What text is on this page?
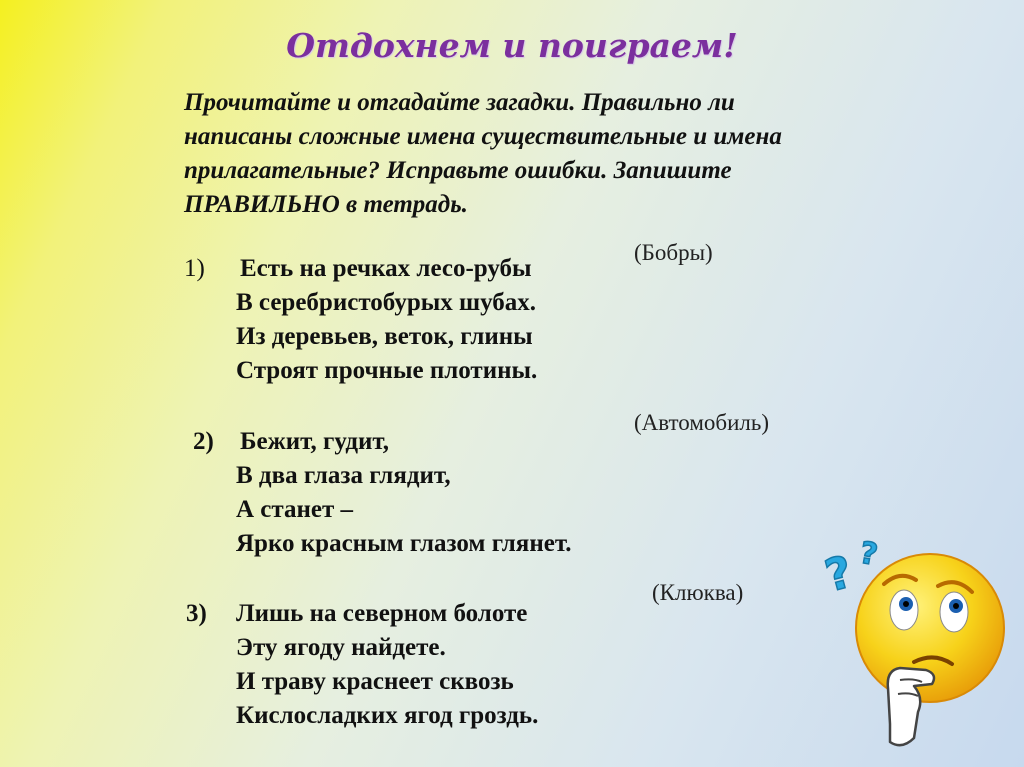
Отдохнем и поиграем!
Прочитайте и отгадайте загадки. Правильно ли
написаны сложные имена существительные и имена
прилагательные? Исправьте ошибки. Запишите
ПРАВИЛЬНО в тетрадь.
1) Есть на речках лесо-рубы
В серебристобурых шубах.
Из деревьев, веток, глины
Строят прочные плотины.
(Бобры)
2) Бежит, гудит,
В два глаза глядит,
А станет –
Ярко красным глазом глянет.
(Автомобиль)
3) Лишь на северном болоте
Эту ягоду найдете.
И траву краснеет сквозь
Кислосладких ягод гроздь.
(Клюква) ? ?
